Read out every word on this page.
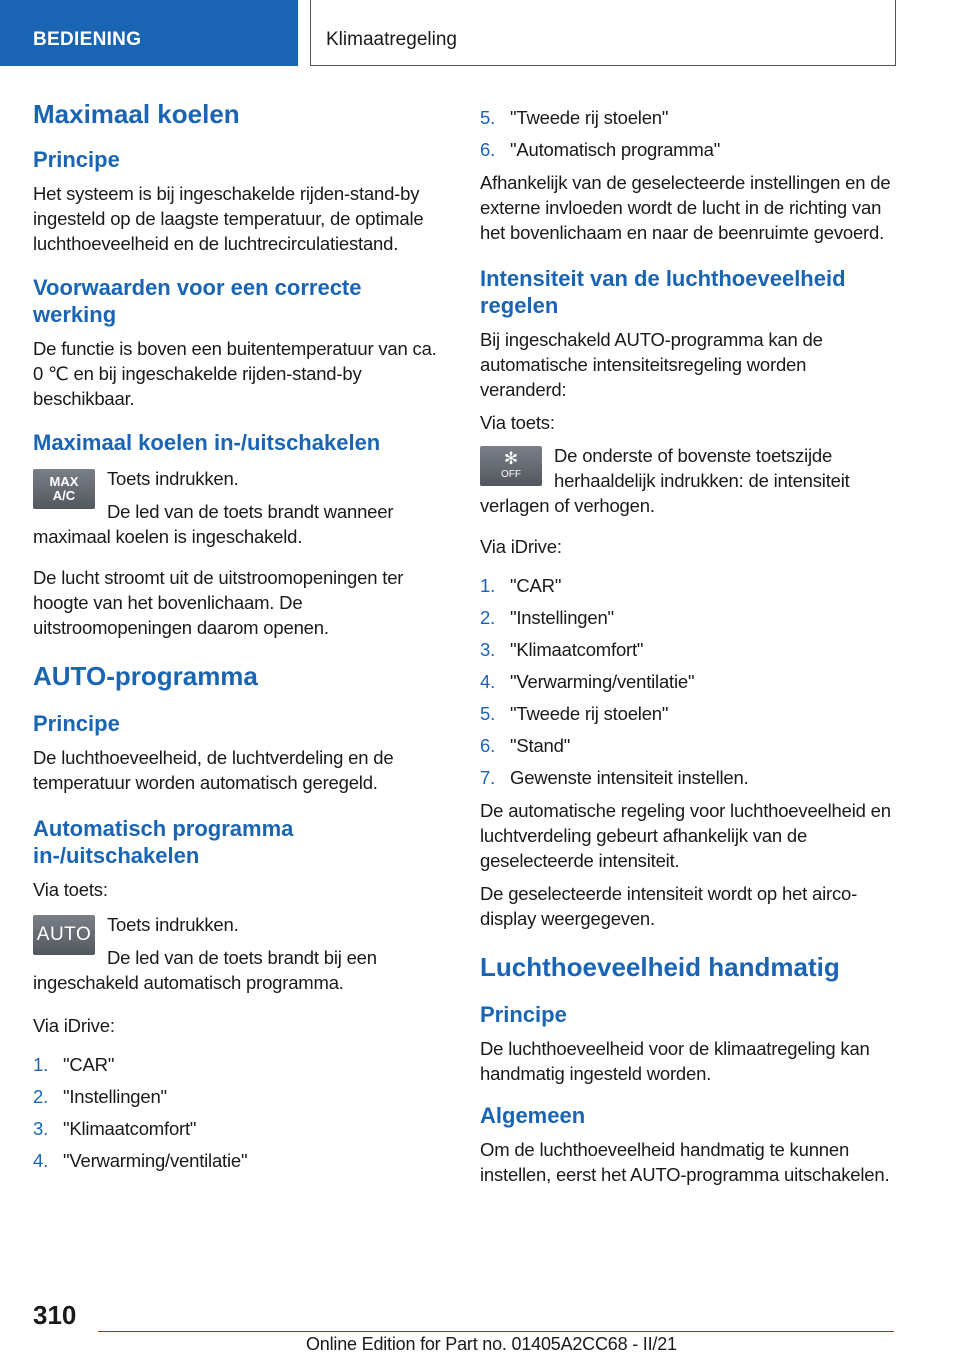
BEDIENING	Klimaatregeling
Maximaal koelen
Principe

Het systeem is bij ingeschakelde rijden-stand-by ingesteld op de laagste temperatuur, de optimale luchthoeveelheid en de luchtrecirculatiestand.

Voorwaarden voor een correcte werking

De functie is boven een buitentemperatuur van ca. 0 ℃ en bij ingeschakelde rijden-stand-by beschikbaar.

Maximaal koelen in-/uitschakelen
MAX
A/C

Toets indrukken.

De led van de toets brandt wanneer maximaal koelen is ingeschakeld.

De lucht stroomt uit de uitstroomopeningen ter hoogte van het bovenlichaam. De uitstroomopeningen daarom openen.

AUTO-programma
Principe

De luchthoeveelheid, de luchtverdeling en de temperatuur worden automatisch geregeld.

Automatisch programma in-/uitschakelen

Via toets:

AUTO Toets indrukken.

De led van de toets brandt bij een ingeschakeld automatisch programma.

Via iDrive:

1. "CAR"
2. "Instellingen"
3. "Klimaatcomfort"
4. "Verwarming/ventilatie"
5. "Tweede rij stoelen"
6. "Automatisch programma"

Afhankelijk van de geselecteerde instellingen en de externe invloeden wordt de lucht in de richting van het bovenlichaam en naar de beenruimte gevoerd.

Intensiteit van de luchthoeveelheid regelen

Bij ingeschakeld AUTO-programma kan de automatische intensiteitsregeling worden veranderd:

Via toets:

✻
OFF

De onderste of bovenste toetszijde herhaaldelijk indrukken: de intensiteit verlagen of verhogen.

Via iDrive:

1. "CAR"
2. "Instellingen"
3. "Klimaatcomfort"
4. "Verwarming/ventilatie"
5. "Tweede rij stoelen"
6. "Stand"
7. Gewenste intensiteit instellen.

De automatische regeling voor luchthoeveelheid en luchtverdeling gebeurt afhankelijk van de geselecteerde intensiteit.

De geselecteerde intensiteit wordt op het airco-display weergegeven.

Luchthoeveelheid handmatig
Principe

De luchthoeveelheid voor de klimaatregeling kan handmatig ingesteld worden.

Algemeen

Om de luchthoeveelheid handmatig te kunnen instellen, eerst het AUTO-programma uitschakelen.

310
Online Edition for Part no. 01405A2CC68 - II/21
